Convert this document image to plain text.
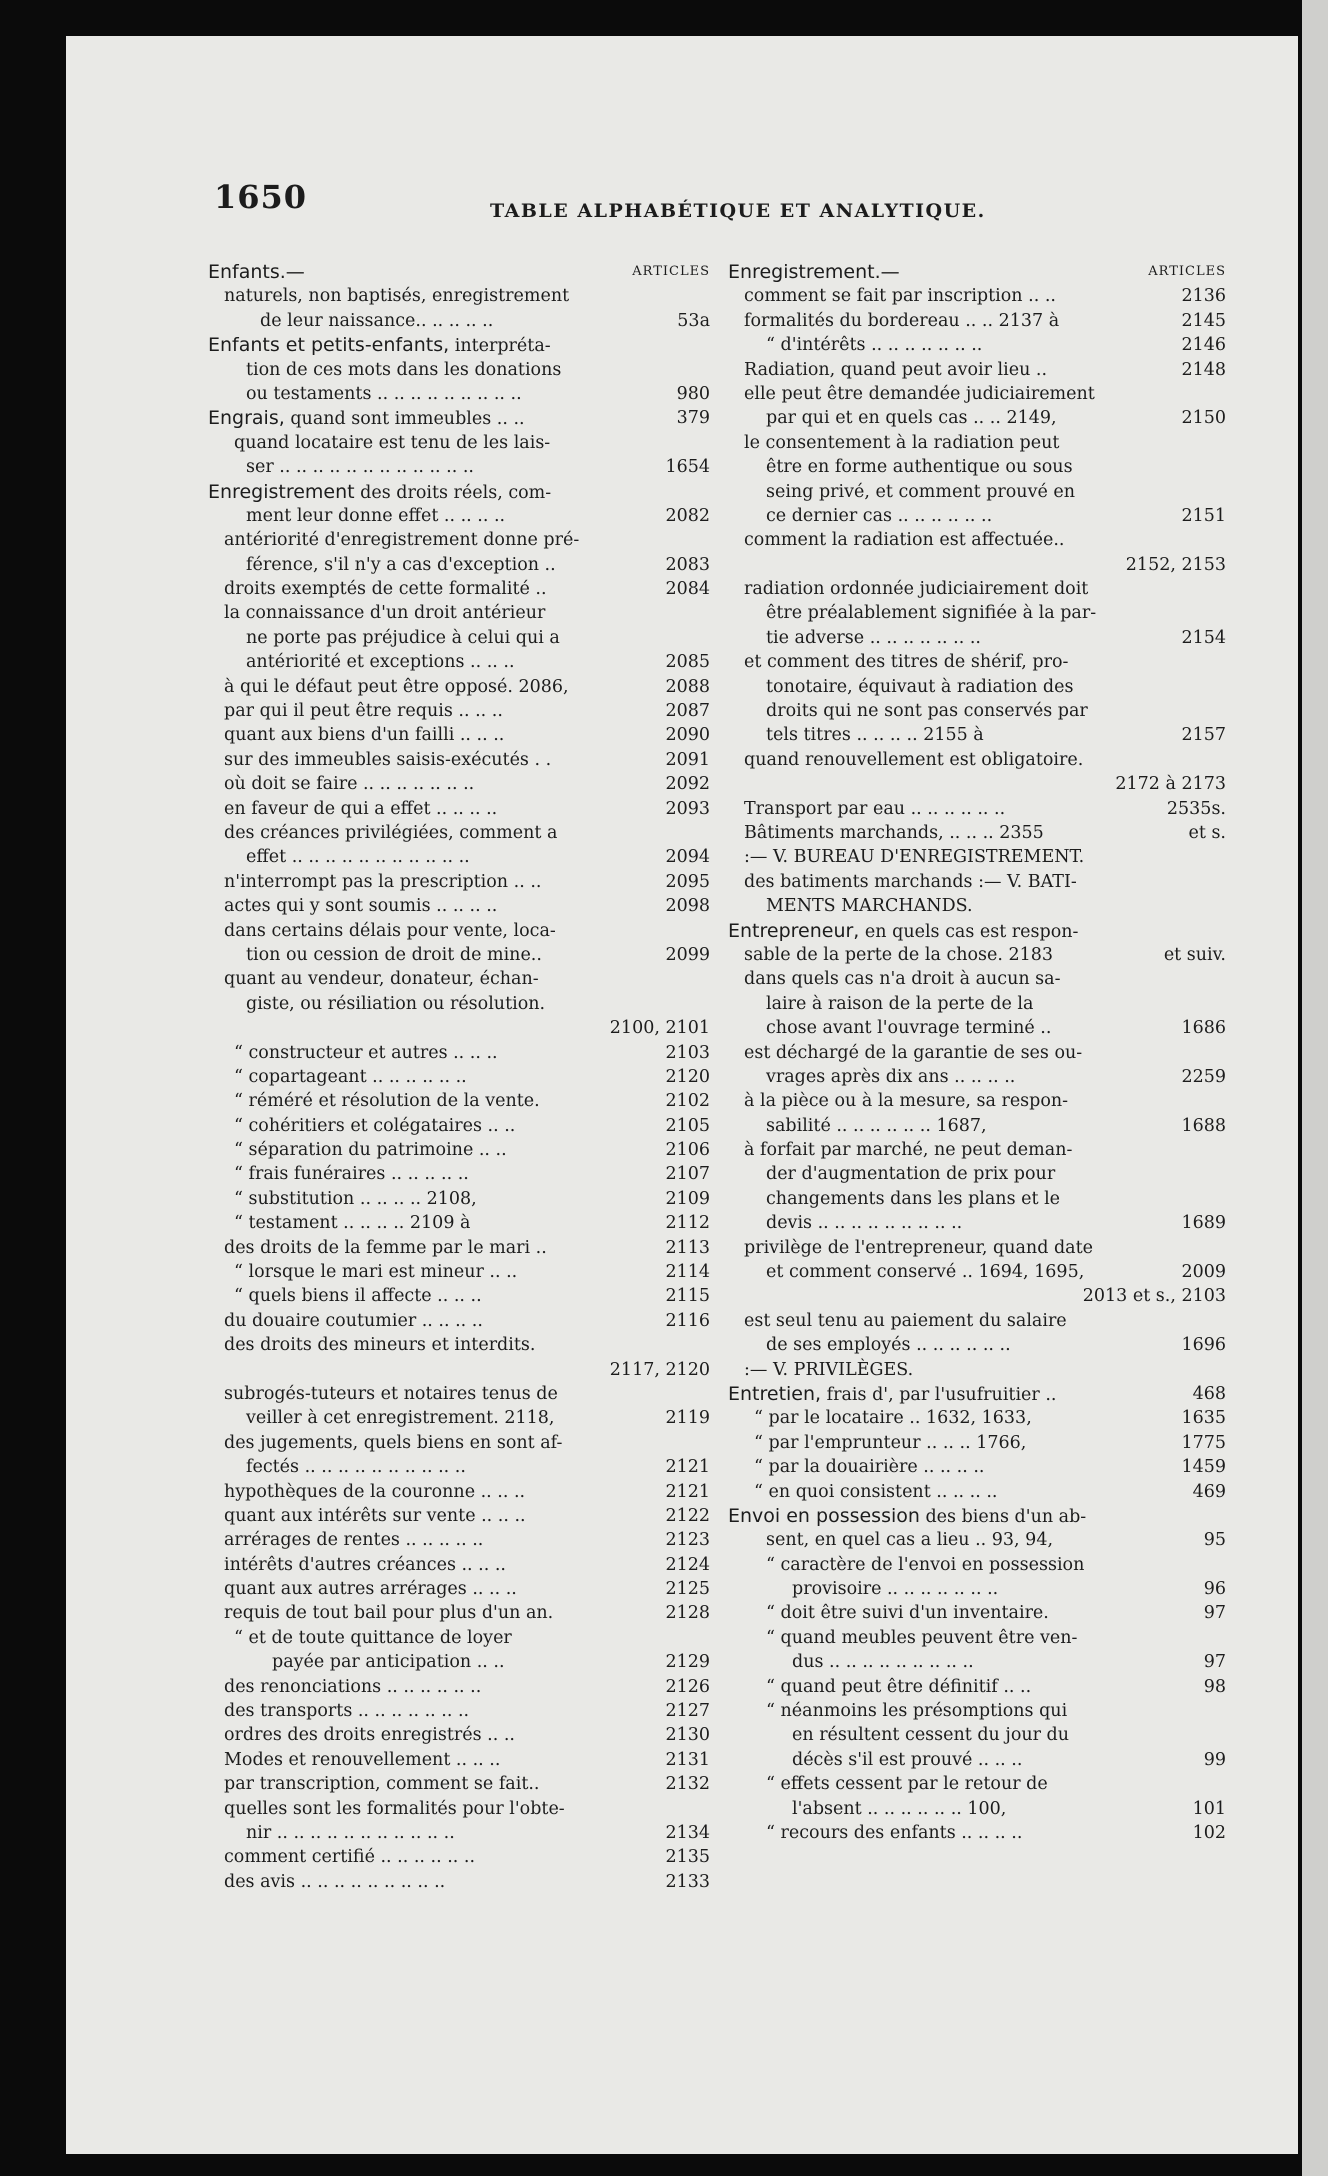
1650	TABLE ALPHABÉTIQUE ET ANALYTIQUE.
Enfants.—	ARTICLES
naturels, non baptisés, enregistrement
de leur naissance.. .. .. .. ..	53a
Enfants et petits-enfants, interpréta-
tion de ces mots dans les donations
ou testaments .. .. .. .. .. .. .. .. ..	980
Engrais, quand sont immeubles .. ..	379
quand locataire est tenu de les lais-
ser .. .. .. .. .. .. .. .. .. .. .. ..	1654
Enregistrement des droits réels, com-
ment leur donne effet .. .. .. ..	2082
antériorité d'enregistrement donne pré-
férence, s'il n'y a cas d'exception ..	2083
droits exemptés de cette formalité ..	2084
la connaissance d'un droit antérieur
ne porte pas préjudice à celui qui a
antériorité et exceptions .. .. ..	2085
à qui le défaut peut être opposé. 2086,	2088
par qui il peut être requis .. .. ..	2087
quant aux biens d'un failli .. .. ..	2090
sur des immeubles saisis-exécutés . .	2091
où doit se faire .. .. .. .. .. .. ..	2092
en faveur de qui a effet .. .. .. ..	2093
des créances privilégiées, comment a
effet .. .. .. .. .. .. .. .. .. .. ..	2094
n'interrompt pas la prescription .. ..	2095
actes qui y sont soumis .. .. .. ..	2098
dans certains délais pour vente, loca-
tion ou cession de droit de mine..	2099
quant au vendeur, donateur, échan-
giste, ou résiliation ou résolution.
2100, 2101
“ constructeur et autres .. .. ..	2103
“ copartageant .. .. .. .. .. ..	2120
“ réméré et résolution de la vente.	2102
“ cohéritiers et colégataires .. ..	2105
“ séparation du patrimoine .. ..	2106
“ frais funéraires .. .. .. .. ..	2107
“ substitution .. .. .. .. 2108,	2109
“ testament .. .. .. .. 2109 à	2112
des droits de la femme par le mari ..	2113
“ lorsque le mari est mineur .. ..	2114
“ quels biens il affecte .. .. ..	2115
du douaire coutumier .. .. .. ..	2116
des droits des mineurs et interdits.
2117, 2120
subrogés-tuteurs et notaires tenus de
veiller à cet enregistrement. 2118,	2119
des jugements, quels biens en sont af-
fectés .. .. .. .. .. .. .. .. .. ..	2121
hypothèques de la couronne .. .. ..	2121
quant aux intérêts sur vente .. .. ..	2122
arrérages de rentes .. .. .. .. ..	2123
intérêts d'autres créances .. .. ..	2124
quant aux autres arrérages .. .. ..	2125
requis de tout bail pour plus d'un an.	2128
“ et de toute quittance de loyer
payée par anticipation .. ..	2129
des renonciations .. .. .. .. .. ..	2126
des transports .. .. .. .. .. .. ..	2127
ordres des droits enregistrés .. ..	2130
Modes et renouvellement .. .. ..	2131
par transcription, comment se fait..	2132
quelles sont les formalités pour l'obte-
nir .. .. .. .. .. .. .. .. .. .. ..	2134
comment certifié .. .. .. .. .. ..	2135
des avis .. .. .. .. .. .. .. .. ..	2133
Enregistrement.—	ARTICLES
comment se fait par inscription .. ..	2136
formalités du bordereau .. .. 2137 à	2145
“ d'intérêts .. .. .. .. .. .. ..	2146
Radiation, quand peut avoir lieu ..	2148
elle peut être demandée judiciairement
par qui et en quels cas .. .. 2149,	2150
le consentement à la radiation peut
être en forme authentique ou sous
seing privé, et comment prouvé en
ce dernier cas .. .. .. .. .. ..	2151
comment la radiation est affectuée..
2152, 2153
radiation ordonnée judiciairement doit
être préalablement signifiée à la par-
tie adverse .. .. .. .. .. .. ..	2154
et comment des titres de shérif, pro-
tonotaire, équivaut à radiation des
droits qui ne sont pas conservés par
tels titres .. .. .. .. 2155 à	2157
quand renouvellement est obligatoire.
2172 à 2173
Transport par eau .. .. .. .. .. ..	2535s.
Bâtiments marchands, .. .. .. 2355	et s.
:— V. BUREAU D'ENREGISTREMENT.
des batiments marchands :— V. BATI-
MENTS MARCHANDS.
Entrepreneur, en quels cas est respon-
sable de la perte de la chose. 2183	et suiv.
dans quels cas n'a droit à aucun sa-
laire à raison de la perte de la
chose avant l'ouvrage terminé ..	1686
est déchargé de la garantie de ses ou-
vrages après dix ans .. .. .. ..	2259
à la pièce ou à la mesure, sa respon-
sabilité .. .. .. .. .. .. 1687,	1688
à forfait par marché, ne peut deman-
der d'augmentation de prix pour
changements dans les plans et le
devis .. .. .. .. .. .. .. .. ..	1689
privilège de l'entrepreneur, quand date
et comment conservé .. 1694, 1695,	2009
2013 et s., 2103
est seul tenu au paiement du salaire
de ses employés .. .. .. .. .. ..	1696
:— V. PRIVILÈGES.
Entretien, frais d', par l'usufruitier ..	468
“ par le locataire .. 1632, 1633,	1635
“ par l'emprunteur .. .. .. 1766,	1775
“ par la douairière .. .. .. ..	1459
“ en quoi consistent .. .. .. ..	469
Envoi en possession des biens d'un ab-
sent, en quel cas a lieu .. 93, 94,	95
“ caractère de l'envoi en possession
provisoire .. .. .. .. .. .. ..	96
“ doit être suivi d'un inventaire.	97
“ quand meubles peuvent être ven-
dus .. .. .. .. .. .. .. .. ..	97
“ quand peut être définitif .. ..	98
“ néanmoins les présomptions qui
en résultent cessent du jour du
décès s'il est prouvé .. .. ..	99
“ effets cessent par le retour de
l'absent .. .. .. .. .. .. 100,	101
“ recours des enfants .. .. .. ..	102
